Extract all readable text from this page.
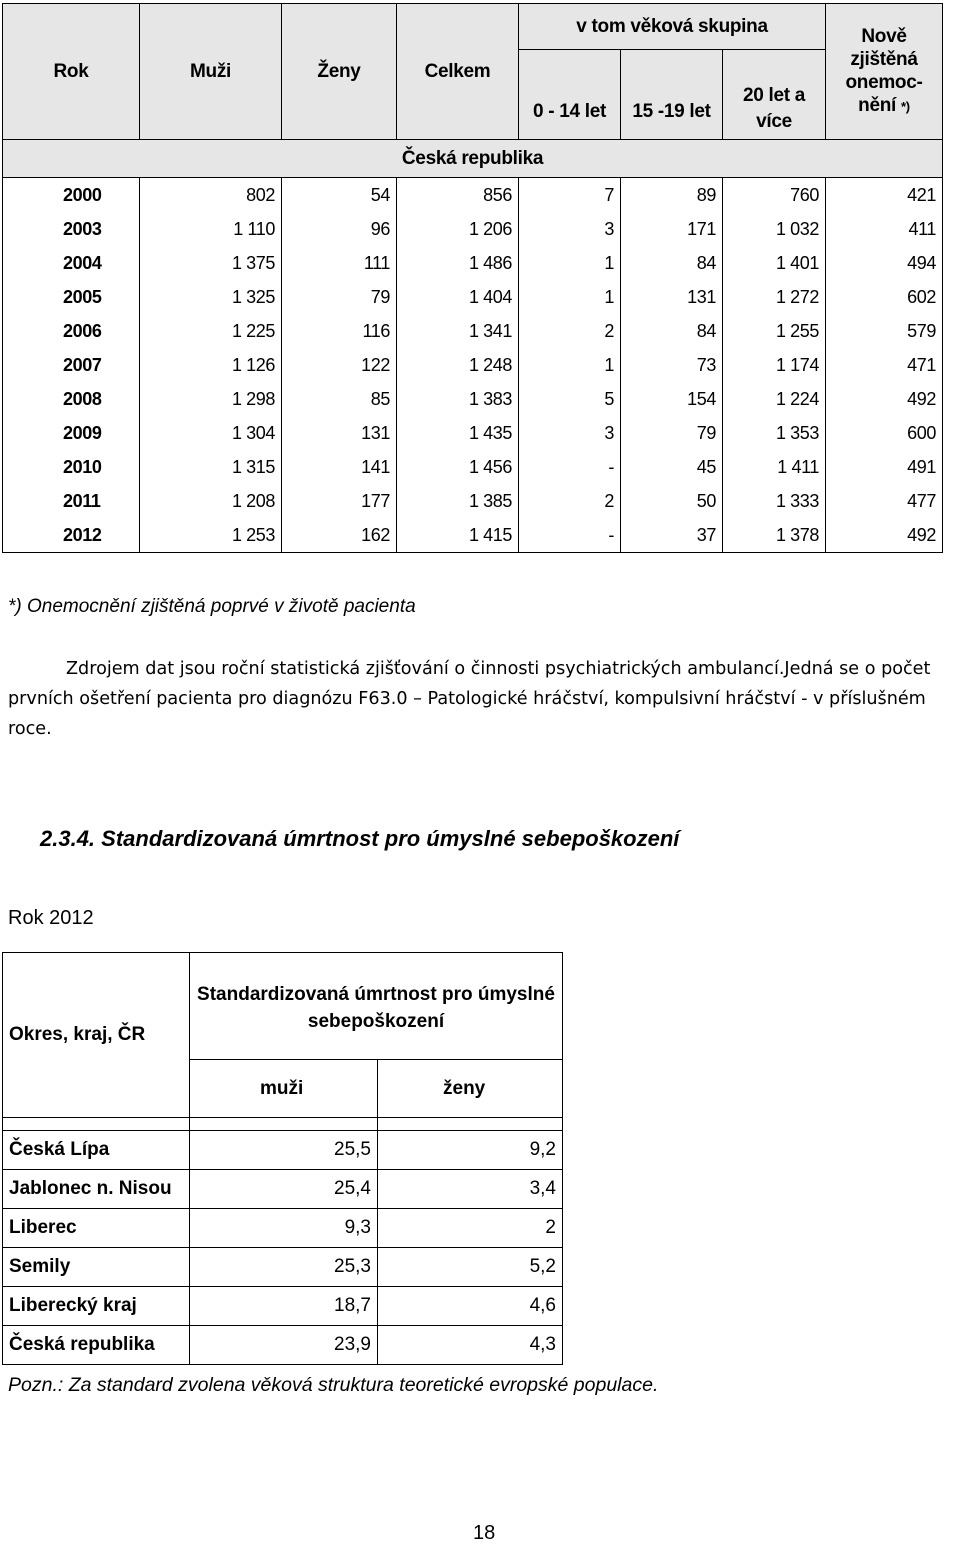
Rok	Muži	Ženy	Celkem	v tom věková skupina			Nově zjištěná onemoc-nění *)
				0 - 14 let	15 -19 let	20 let a více	
Česká republika							
2000	802	54	856	7	89	760	421
2003	1 110	96	1 206	3	171	1 032	411
2004	1 375	111	1 486	1	84	1 401	494
2005	1 325	79	1 404	1	131	1 272	602
2006	1 225	116	1 341	2	84	1 255	579
2007	1 126	122	1 248	1	73	1 174	471
2008	1 298	85	1 383	5	154	1 224	492
2009	1 304	131	1 435	3	79	1 353	600
2010	1 315	141	1 456	-	45	1 411	491
2011	1 208	177	1 385	2	50	1 333	477
2012	1 253	162	1 415	-	37	1 378	492
*) Onemocnění zjištěná poprvé v životě pacienta
Zdrojem dat jsou roční statistická zjišťování o činnosti psychiatrických ambulancí.Jedná se o počet prvních ošetření pacienta pro diagnózu F63.0 – Patologické hráčství, kompulsivní hráčství - v příslušném roce.
2.3.4. Standardizovaná úmrtnost pro úmyslné sebepoškození
Rok 2012
Okres, kraj, ČR	Standardizovaná úmrtnost pro úmyslné sebepoškození	
	muži	ženy

Česká Lípa	25,5	9,2
Jablonec n. Nisou	25,4	3,4
Liberec	9,3	2
Semily	25,3	5,2
Liberecký kraj	18,7	4,6
Česká republika	23,9	4,3
Pozn.: Za standard zvolena věková struktura teoretické evropské populace.
18
